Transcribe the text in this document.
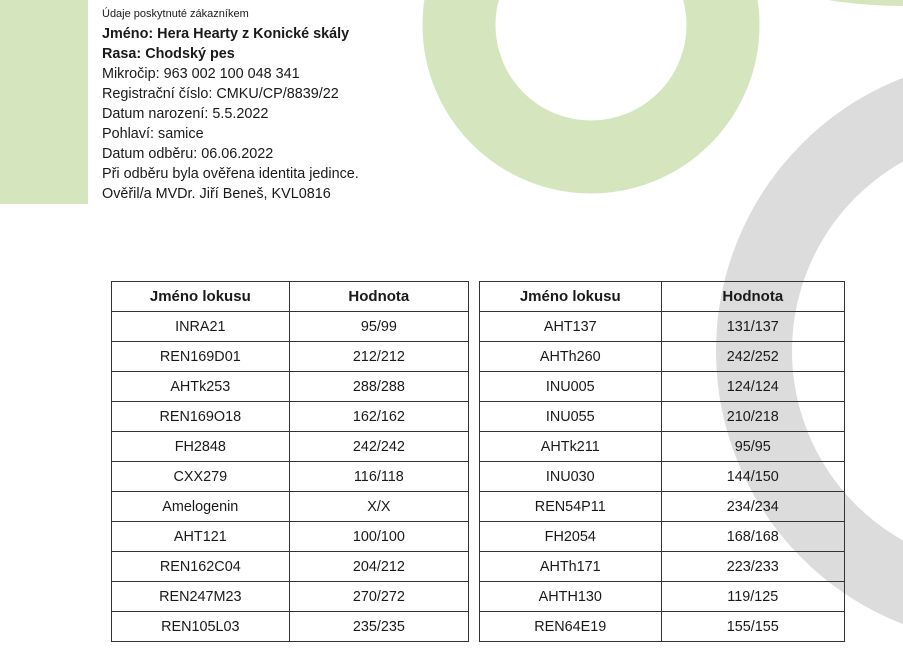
Údaje poskytnuté zákazníkem
Jméno: Hera Hearty z Konické skály
Rasa: Chodský pes
Mikročip: 963 002 100 048 341
Registrační číslo: CMKU/CP/8839/22
Datum narození: 5.5.2022
Pohlaví: samice
Datum odběru: 06.06.2022
Při odběru byla ověřena identita jedince.
Ověřil/a MVDr. Jiří Beneš, KVL0816
Jméno lokusu	Hodnota		Jméno lokusu	Hodnota
INRA21	95/99		AHT137	131/137
REN169D01	212/212		AHTh260	242/252
AHTk253	288/288		INU005	124/124
REN169O18	162/162		INU055	210/218
FH2848	242/242		AHTk211	95/95
CXX279	116/118		INU030	144/150
Amelogenin	X/X		REN54P11	234/234
AHT121	100/100		FH2054	168/168
REN162C04	204/212		AHTh171	223/233
REN247M23	270/272		AHTH130	119/125
REN105L03	235/235		REN64E19	155/155
